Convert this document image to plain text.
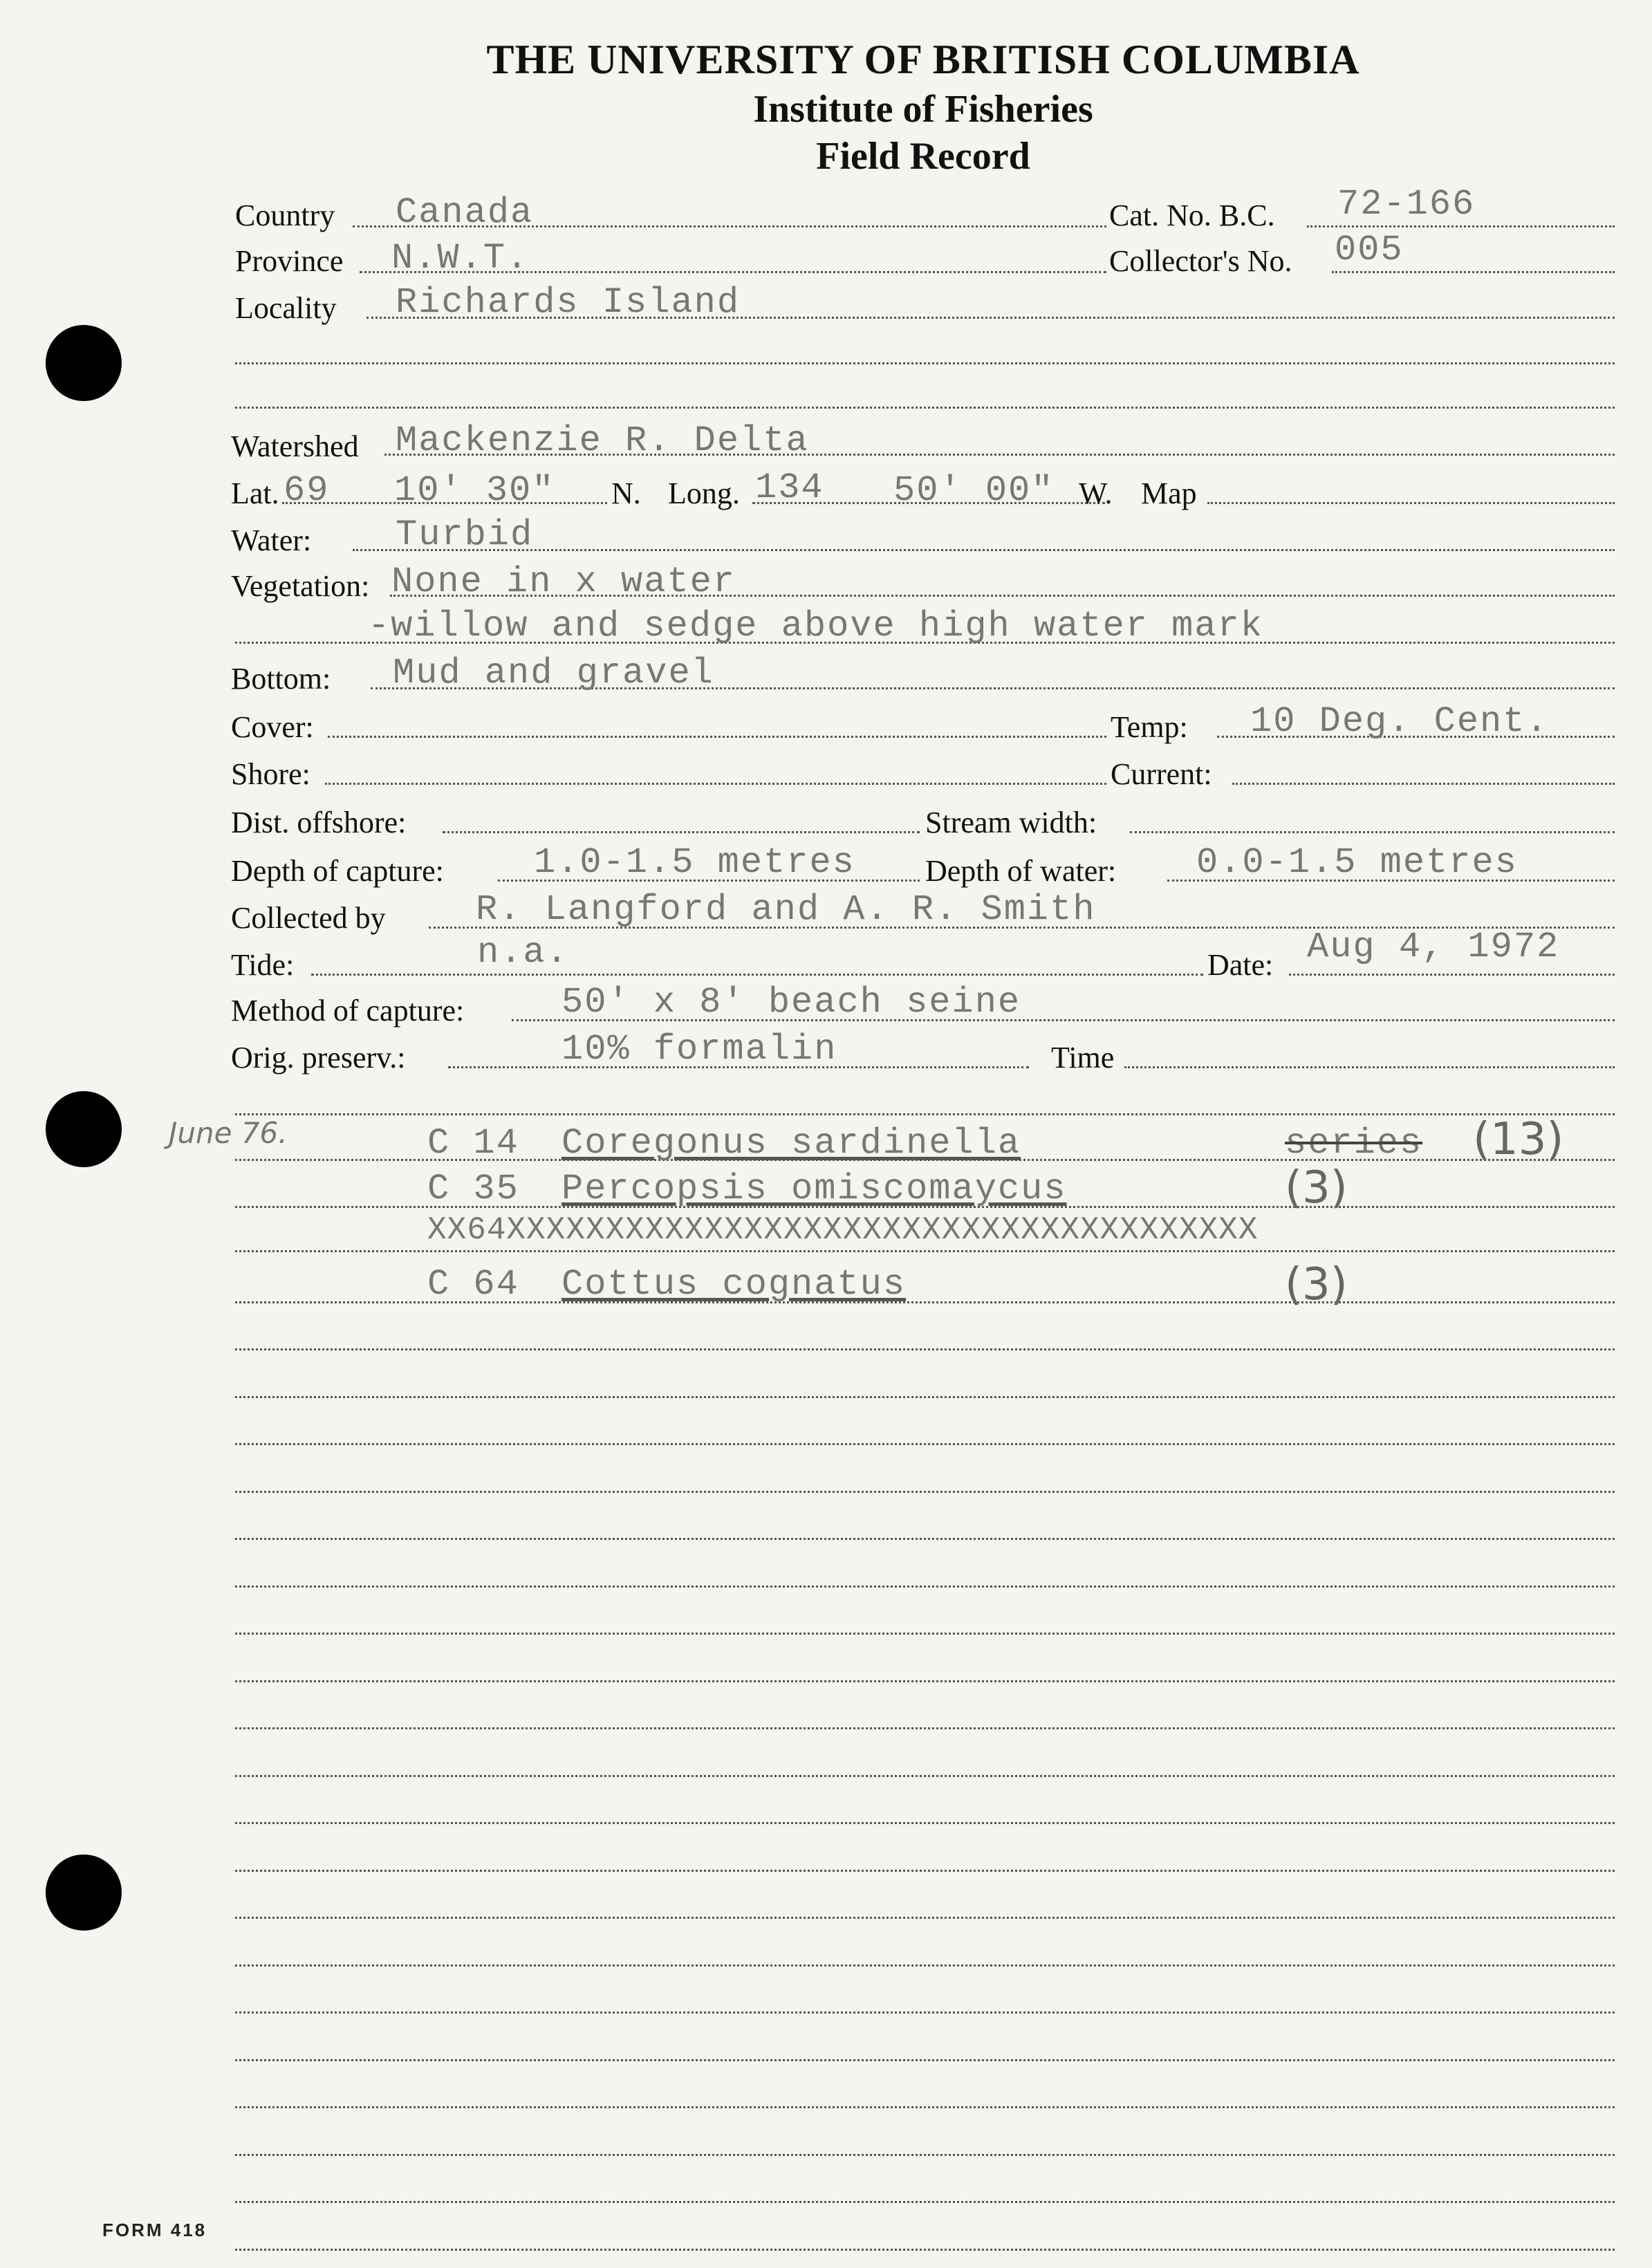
THE UNIVERSITY OF BRITISH COLUMBIA
Institute of Fisheries
Field Record
Country Canada	Cat. No. B.C. 72-166
Province N.W.T.	Collector's No. 005
Locality Richards Island
Watershed Mackenzie R. Delta
Lat. 69 10' 30" N. Long. 134 50' 00" W. Map
Water: Turbid
Vegetation: None in x water
-willow and sedge above high water mark
Bottom: Mud and gravel
Cover:	Temp: 10 Deg. Cent.
Shore:	Current:
Dist. offshore:	Stream width:
Depth of capture:	1.0-1.5 metres Depth of water: 0.0-1.5 metres
Collected by	R. Langford and A. R. Smith
Tide:	n.a.	Date: Aug 4, 1972
Method of capture:	50' x 8' beach seine
Orig. preserv.:	10% formalin	Time
June 76.	C 14 Coregonus sardinella	series (13)
C 35 Percopsis omiscomaycus	(3)
XX64XXXXXXXXXXXXXXXXXXXXXXXXXXXXXXXXXXXXXX
C 64 Cottus cognatus	(3)
FORM 418
